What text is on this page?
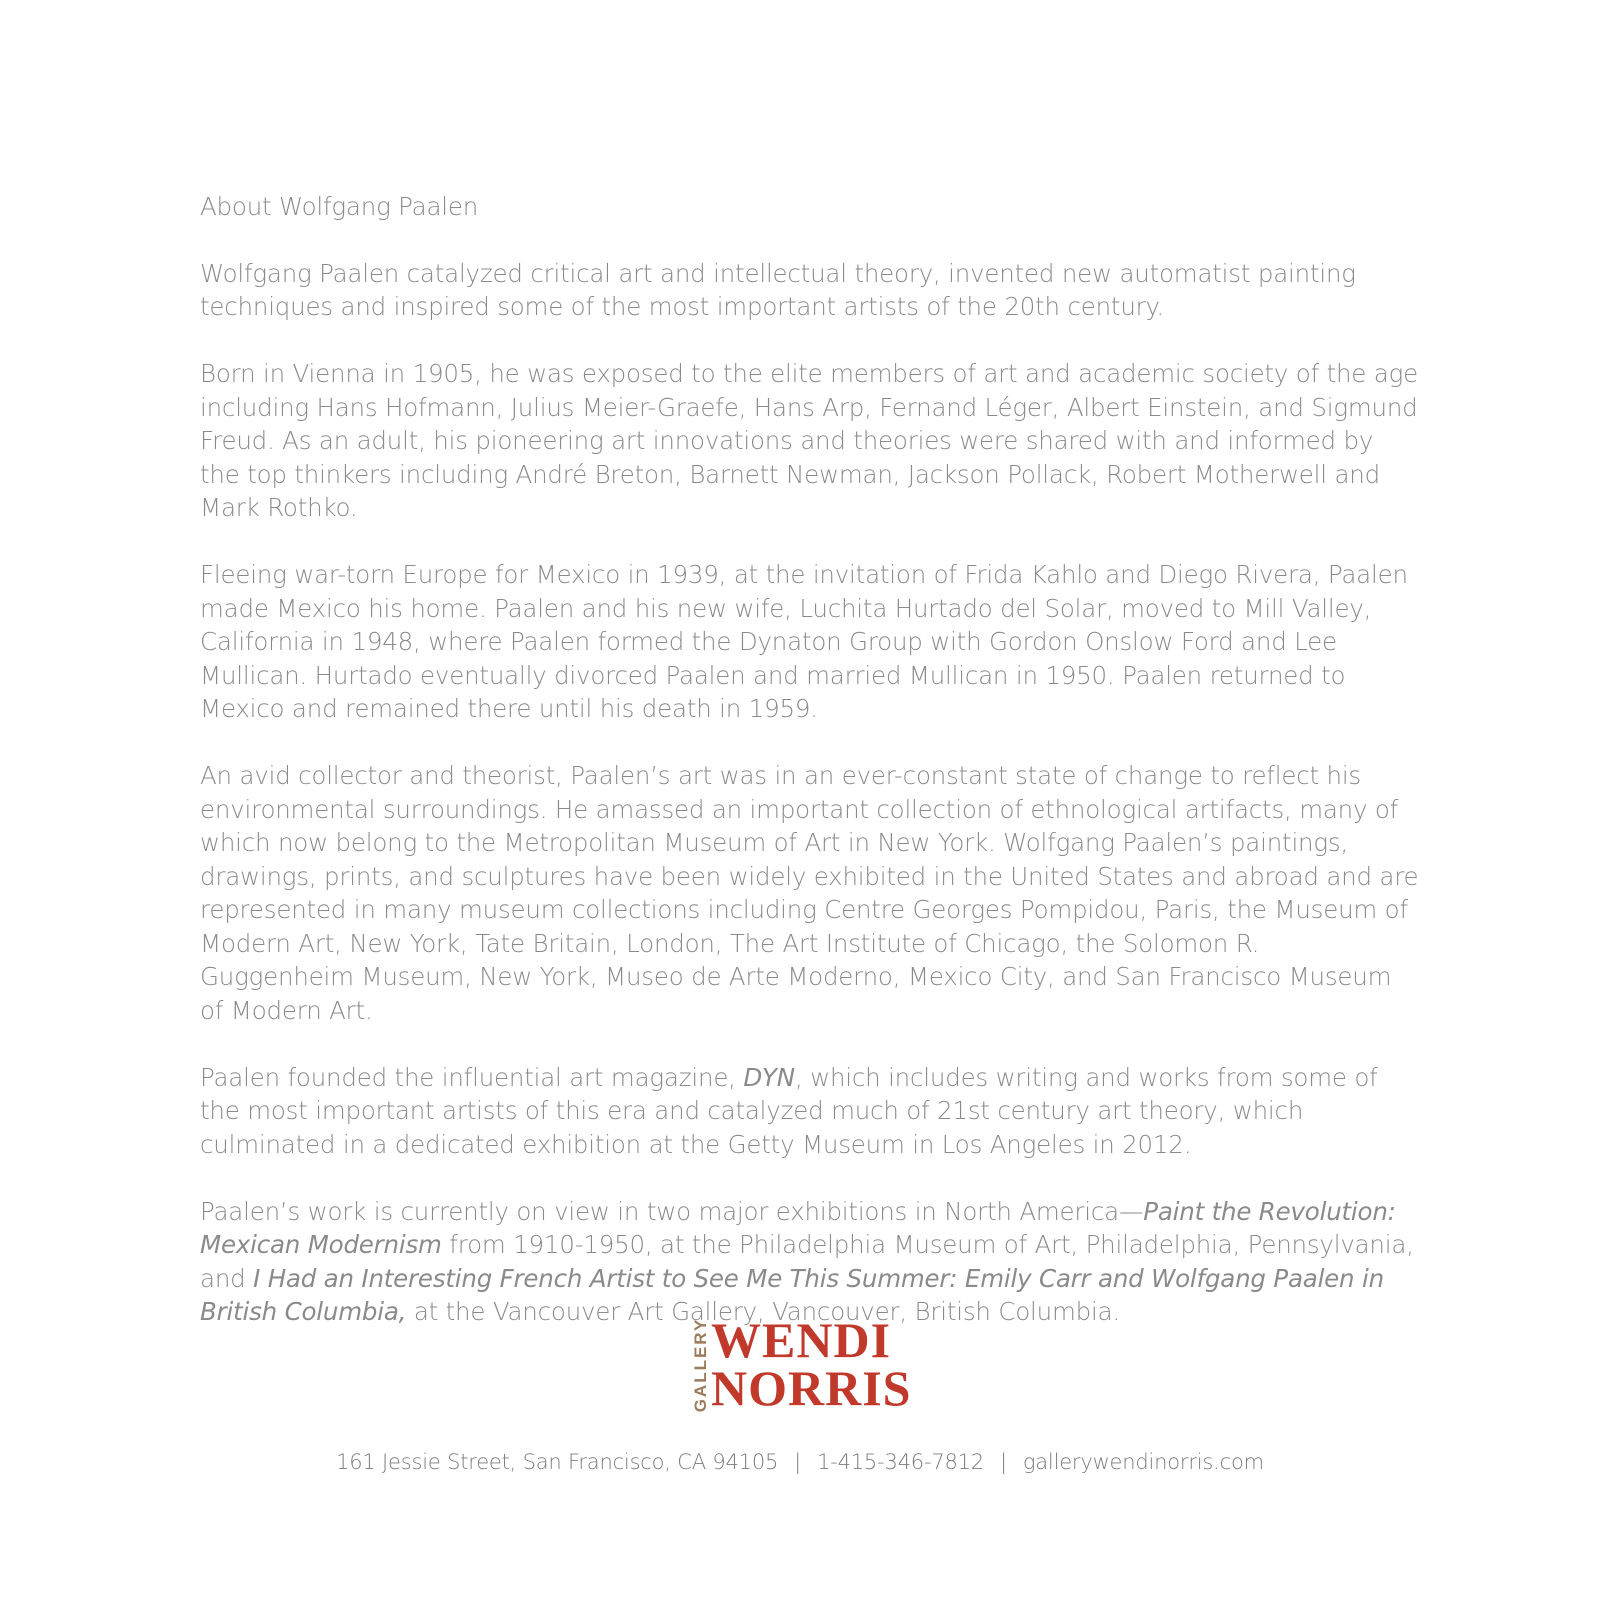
About Wolfgang Paalen

Wolfgang Paalen catalyzed critical art and intellectual theory, invented new automatist painting techniques and inspired some of the most important artists of the 20th century.

Born in Vienna in 1905, he was exposed to the elite members of art and academic society of the age including Hans Hofmann, Julius Meier-Graefe, Hans Arp, Fernand Léger, Albert Einstein, and Sigmund Freud. As an adult, his pioneering art innovations and theories were shared with and informed by the top thinkers including André Breton, Barnett Newman, Jackson Pollack, Robert Motherwell and Mark Rothko.

Fleeing war-torn Europe for Mexico in 1939, at the invitation of Frida Kahlo and Diego Rivera, Paalen made Mexico his home. Paalen and his new wife, Luchita Hurtado del Solar, moved to Mill Valley, California in 1948, where Paalen formed the Dynaton Group with Gordon Onslow Ford and Lee Mullican. Hurtado eventually divorced Paalen and married Mullican in 1950. Paalen returned to Mexico and remained there until his death in 1959.

An avid collector and theorist, Paalen’s art was in an ever-constant state of change to reflect his environmental surroundings. He amassed an important collection of ethnological artifacts, many of which now belong to the Metropolitan Museum of Art in New York. Wolfgang Paalen’s paintings, drawings, prints, and sculptures have been widely exhibited in the United States and abroad and are represented in many museum collections including Centre Georges Pompidou, Paris, the Museum of Modern Art, New York, Tate Britain, London, The Art Institute of Chicago, the Solomon R. Guggenheim Museum, New York, Museo de Arte Moderno, Mexico City, and San Francisco Museum of Modern Art.

Paalen founded the influential art magazine, DYN, which includes writing and works from some of the most important artists of this era and catalyzed much of 21st century art theory, which culminated in a dedicated exhibition at the Getty Museum in Los Angeles in 2012.

Paalen’s work is currently on view in two major exhibitions in North America—Paint the Revolution: Mexican Modernism from 1910-1950, at the Philadelphia Museum of Art, Philadelphia, Pennsylvania, and I Had an Interesting French Artist to See Me This Summer: Emily Carr and Wolfgang Paalen in British Columbia, at the Vancouver Art Gallery, Vancouver, British Columbia.

GALLERY WENDI
NORRIS
161 Jessie Street, San Francisco, CA 94105 | 1-415-346-7812 | gallerywendinorris.com
